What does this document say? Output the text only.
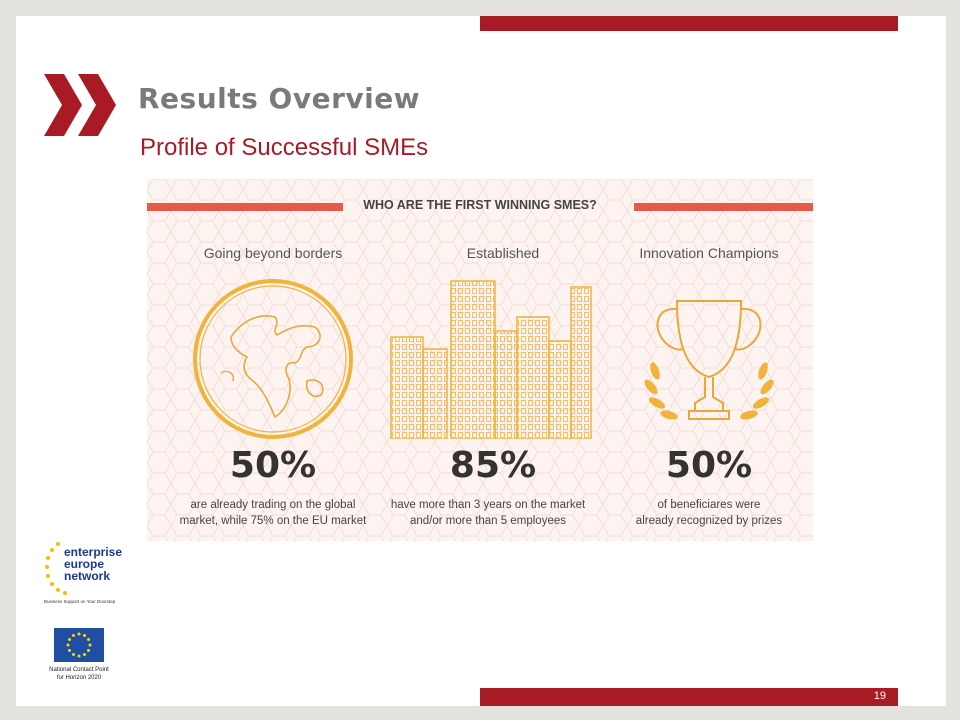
Results Overview
Profile of Successful SMEs
WHO ARE THE FIRST WINNING SMES?
Going beyond borders
50%
are already trading on the global
market, while 75% on the EU market
Established
85%
have more than 3 years on the market
and/or more than 5 employees
Innovation Champions
50%
of beneficiares were
already recognized by prizes
enterprise
europe
network
Business Support on Your Doorstep
National Contact Point
for Horizon 2020
19
